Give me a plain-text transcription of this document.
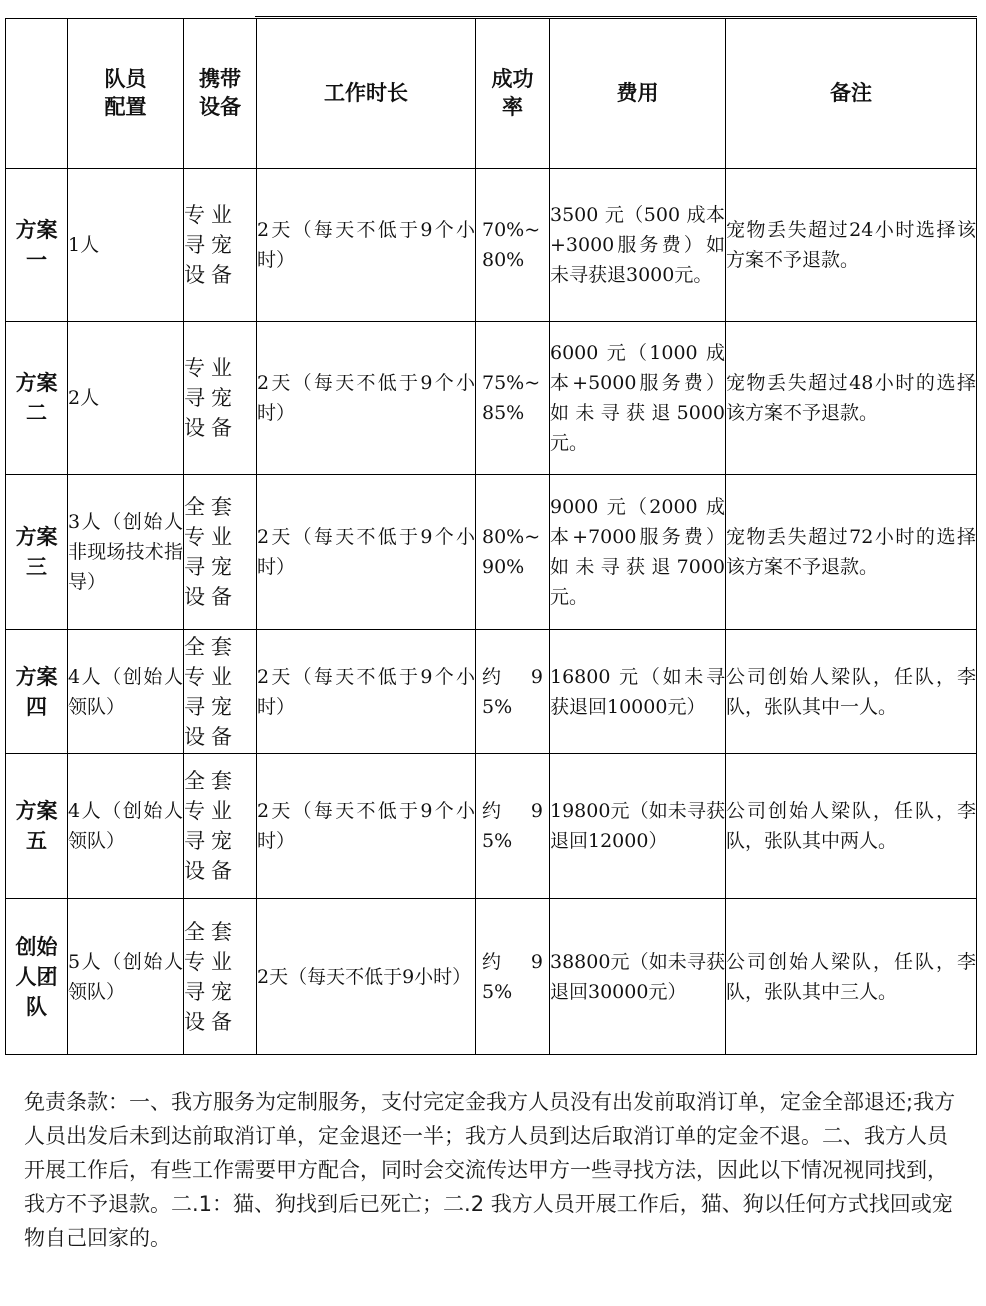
	队员配置	携带设备	工作时长	成功率	费用	备注
方案一	1人	专业寻宠设备	2天（每天不低于9个小时）	70%~80%	3500 元（500 成本+3000服务费）如未寻获退3000元。	宠物丢失超过24小时选择该方案不予退款。
方案二	2人	专业寻宠设备	2天（每天不低于9个小时）	75%~85%	6000 元（1000 成本+5000服务费）如未寻获退5000元。	宠物丢失超过48小时的选择该方案不予退款。
方案三	3人（创始人非现场技术指导）	全套专业寻宠设备	2天（每天不低于9个小时）	80%~90%	9000 元（2000 成本+7000服务费）如未寻获退7000元。	宠物丢失超过72小时的选择该方案不予退款。
方案四	4人（创始人领队）	全套专业寻宠设备	2天（每天不低于9个小时）	约95%	16800 元（如未寻获退回10000元）	公司创始人梁队，任队，李队，张队其中一人。
方案五	4人（创始人领队）	全套专业寻宠设备	2天（每天不低于9个小时）	约95%	19800元（如未寻获退回12000）	公司创始人梁队，任队，李队，张队其中两人。
创始人团队	5人（创始人领队）	全套专业寻宠设备	2天（每天不低于9小时）	约95%	38800元（如未寻获退回30000元）	公司创始人梁队，任队，李队，张队其中三人。
免责条款：一、我方服务为定制服务，支付完定金我方人员没有出发前取消订单，定金全部退还;我方人员出发后未到达前取消订单，定金退还一半；我方人员到达后取消订单的定金不退。二、我方人员开展工作后，有些工作需要甲方配合，同时会交流传达甲方一些寻找方法，因此以下情况视同找到，我方不予退款。二.1：猫、狗找到后已死亡；二.2 我方人员开展工作后，猫、狗以任何方式找回或宠物自己回家的。
